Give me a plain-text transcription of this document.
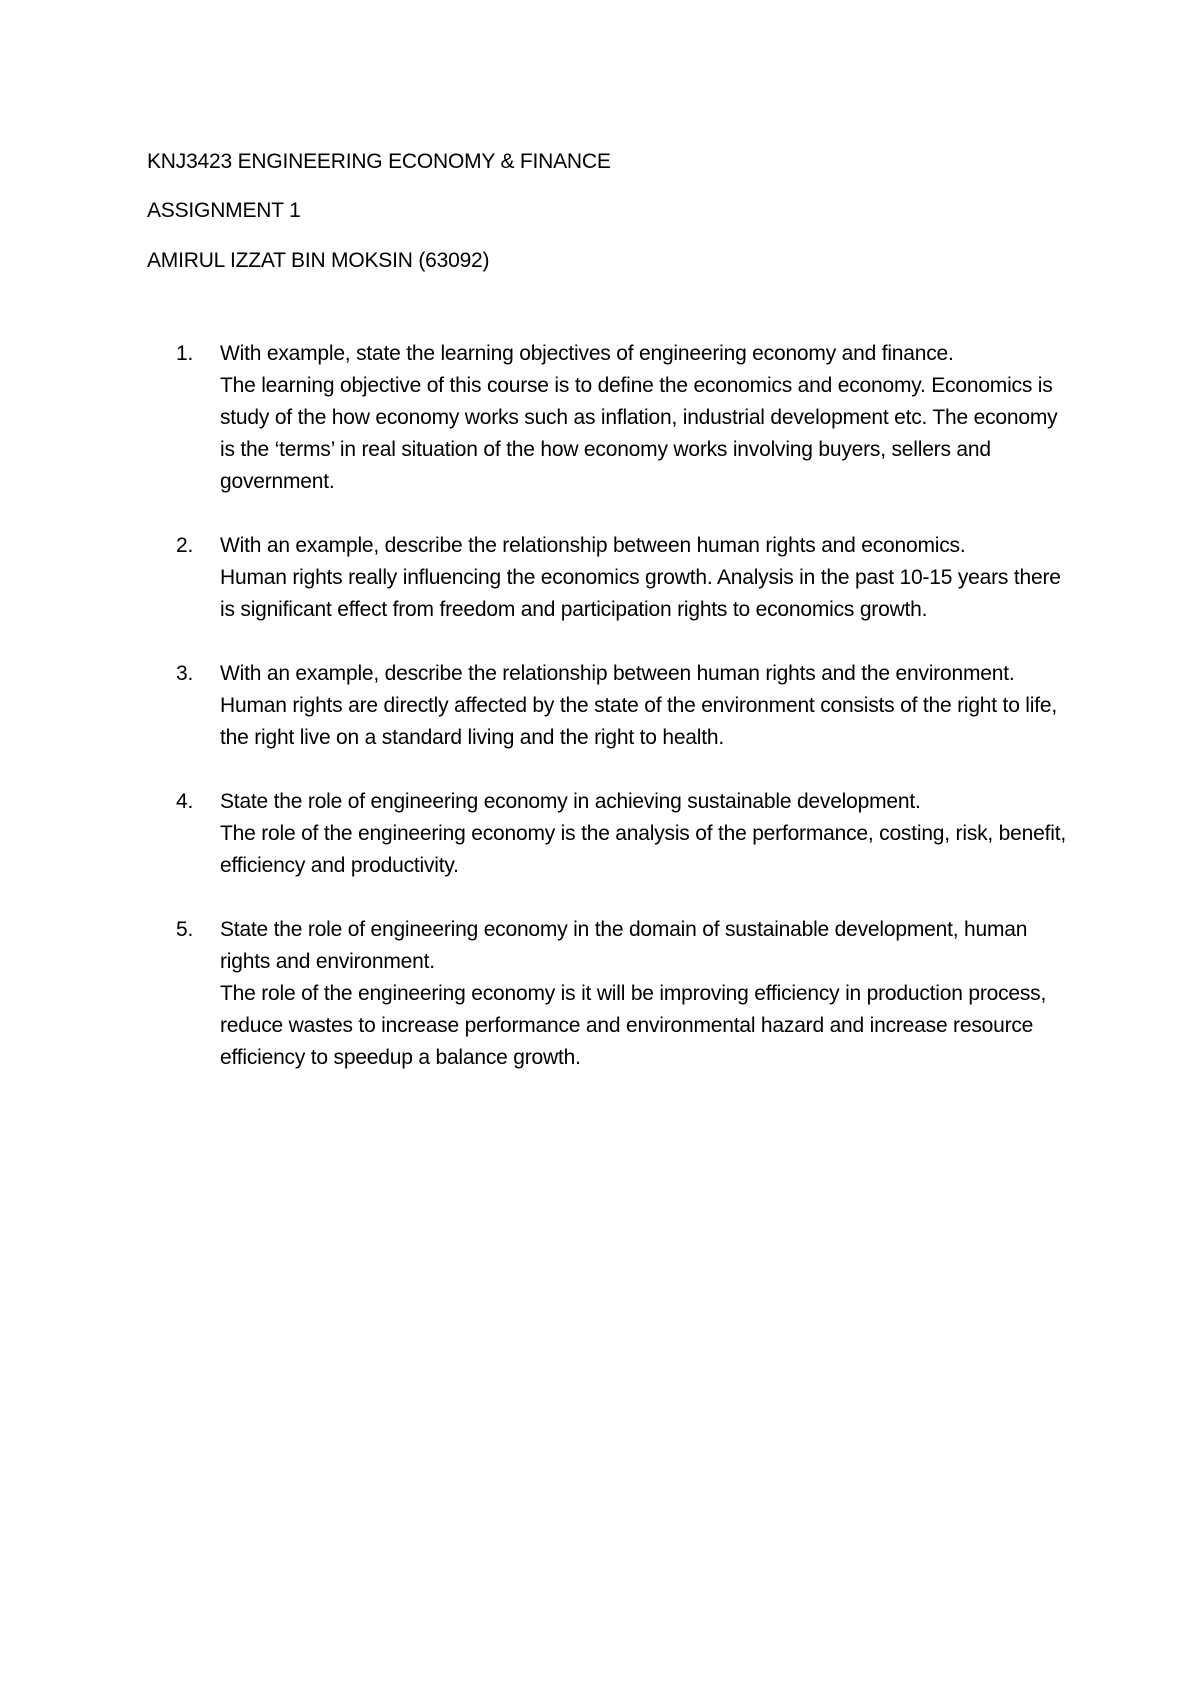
KNJ3423 ENGINEERING ECONOMY & FINANCE

ASSIGNMENT 1

AMIRUL IZZAT BIN MOKSIN (63092)

1. With example, state the learning objectives of engineering economy and finance.
The learning objective of this course is to define the economics and economy. Economics is study of the how economy works such as inflation, industrial development etc. The economy is the ‘terms’ in real situation of the how economy works involving buyers, sellers and government.
2. With an example, describe the relationship between human rights and economics.
Human rights really influencing the economics growth. Analysis in the past 10-15 years there is significant effect from freedom and participation rights to economics growth.
3. With an example, describe the relationship between human rights and the environment.
Human rights are directly affected by the state of the environment consists of the right to life, the right live on a standard living and the right to health.
4. State the role of engineering economy in achieving sustainable development.
The role of the engineering economy is the analysis of the performance, costing, risk, benefit, efficiency and productivity.
5. State the role of engineering economy in the domain of sustainable development, human rights and environment.
The role of the engineering economy is it will be improving efficiency in production process, reduce wastes to increase performance and environmental hazard and increase resource efficiency to speedup a balance growth.
